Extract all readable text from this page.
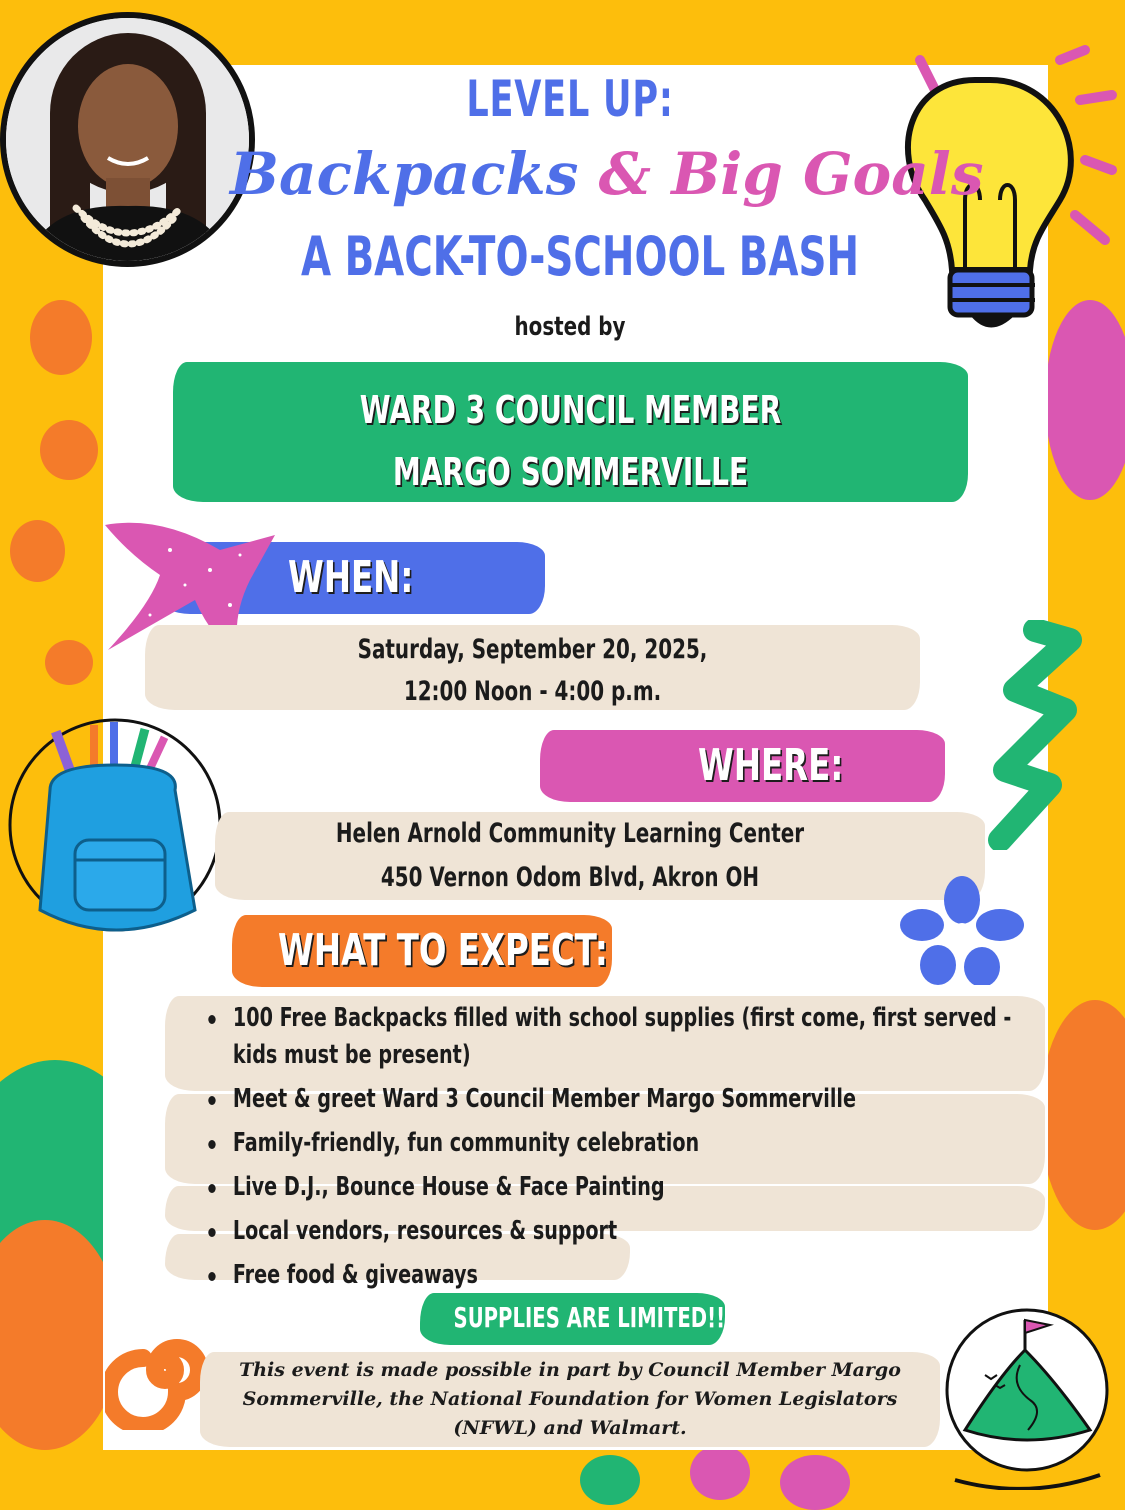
LEVEL UP:
Backpacks & Big Goals
A BACK-TO-SCHOOL BASH
hosted by
WARD 3 COUNCIL MEMBER
MARGO SOMMERVILLE
WHEN:
Saturday, September 20, 2025,
12:00 Noon - 4:00 p.m.
WHERE:
Helen Arnold Community Learning Center
450 Vernon Odom Blvd, Akron OH
WHAT TO EXPECT:
100 Free Backpacks filled with school supplies (first come, first served - kids must be present)
Meet & greet Ward 3 Council Member Margo Sommerville
Family-friendly, fun community celebration
Live D.J., Bounce House & Face Painting
Local vendors, resources & support
Free food & giveaways
SUPPLIES ARE LIMITED!!
This event is made possible in part by Council Member Margo Sommerville, the National Foundation for Women Legislators (NFWL) and Walmart.
